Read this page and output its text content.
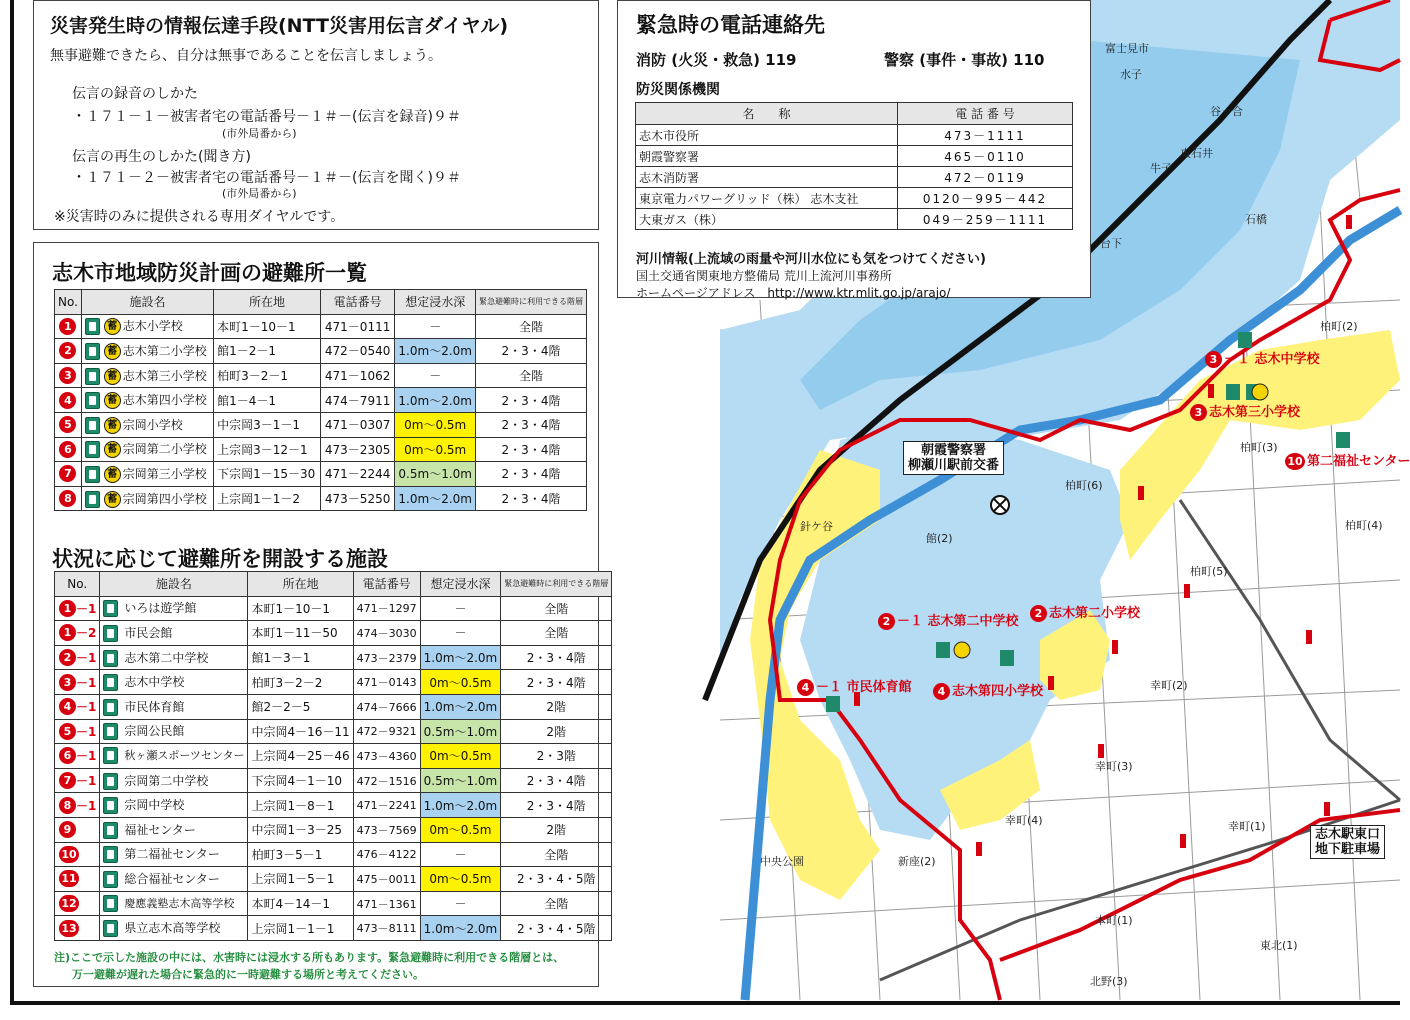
朝霞警察署
柳瀬川駅前交番
志木駅東口
地下駐車場
3 －１ 志木中学校
3 志木第三小学校
10 第二福祉センター
2 －１ 志木第二中学校
2 志木第二小学校
4 －１ 市民体育館	4 志木第四小学校
富士見市
水子
谷ッ合
東石井
牛子
台下
石橋
柏町(2)
柏町(3)
柏町(4)
柏町(5)
柏町(6)
館(2)
針ケ谷
幸町(1)
幸町(2)
幸町(3)
幸町(4)
新座(2)
東北(1)
北野(3)
本町(1)
中央公園
災害発生時の情報伝達手段(NTT災害用伝言ダイヤル)
無事避難できたら、自分は無事であることを伝言しましょう。
伝言の録音のしかた
・１７１－１－被害者宅の電話番号－１＃－(伝言を録音)９＃
(市外局番から)
伝言の再生のしかた(聞き方)
・１７１－２－被害者宅の電話番号－１＃－(伝言を聞く)９＃
(市外局番から)
※災害時のみに提供される専用ダイヤルです。
緊急時の電話連絡先
消防 (火災・救急) 119	警察 (事件・事故) 110
防災関係機関
名　　称	電 話 番 号
志木市役所	473－1111
朝霞警察署	465－0110
志木消防署	472－0119
東京電力パワーグリッド（株） 志木支社	0120－995－442
大東ガス（株）	049－259－1111
河川情報(上流域の雨量や河川水位にも気をつけてください)
国土交通省関東地方整備局 荒川上流河川事務所
ホームページアドレス　http://www.ktr.mlit.go.jp/arajo/
志木市地域防災計画の避難所一覧
No.	施設名	所在地	電話番号	想定浸水深	緊急避難時に利用できる階層
1	蓄 志木小学校	本町1－10－1	471－0111	－	全階
2	蓄 志木第二小学校	館1－2－1	472－0540	1.0m～2.0m	2・3・4階
3	蓄 志木第三小学校	柏町3－2－1	471－1062	－	全階
4	蓄 志木第四小学校	館1－4－1	474－7911	1.0m～2.0m	2・3・4階
5	蓄 宗岡小学校	中宗岡3－1－1	471－0307	0m～0.5m	2・3・4階
6	蓄 宗岡第二小学校	上宗岡3－12－1	473－2305	0m～0.5m	2・3・4階
7	蓄 宗岡第三小学校	下宗岡1－15－30	471－2244	0.5m～1.0m	2・3・4階
8	蓄 宗岡第四小学校	上宗岡1－1－2	473－5250	1.0m～2.0m	2・3・4階
状況に応じて避難所を開設する施設
No.	施設名	所在地	電話番号	想定浸水深	緊急避難時に利用できる階層
1 －1	いろは遊学館	本町1－10－1	471－1297	－	全階
1 －2	市民会館	本町1－11－50	474－3030	－	全階
2 －1	志木第二中学校	館1－3－1	473－2379	1.0m～2.0m	2・3・4階
3 －1	志木中学校	柏町3－2－2	471－0143	0m～0.5m	2・3・4階
4 －1	市民体育館	館2－2－5	474－7666	1.0m～2.0m	2階
5 －1	宗岡公民館	中宗岡4－16－11	472－9321	0.5m～1.0m	2階
6 －1	秋ヶ瀬スポーツセンター	上宗岡4－25－46	473－4360	0m～0.5m	2・3階
7 －1	宗岡第二中学校	下宗岡4－1－10	472－1516	0.5m～1.0m	2・3・4階
8 －1	宗岡中学校	上宗岡1－8－1	471－2241	1.0m～2.0m	2・3・4階
9	福祉センター	中宗岡1－3－25	473－7569	0m～0.5m	2階
10	第二福祉センター	柏町3－5－1	476－4122	－	全階
11	総合福祉センター	上宗岡1－5－1	475－0011	0m～0.5m	2・3・4・5階
12	慶應義塾志木高等学校	本町4－14－1	471－1361	－	全階
13	県立志木高等学校	上宗岡1－1－1	473－8111	1.0m～2.0m	2・3・4・5階
注)ここで示した施設の中には、水害時には浸水する所もあります。緊急避難時に利用できる階層とは、
万一避難が遅れた場合に緊急的に一時避難する場所と考えてください。
